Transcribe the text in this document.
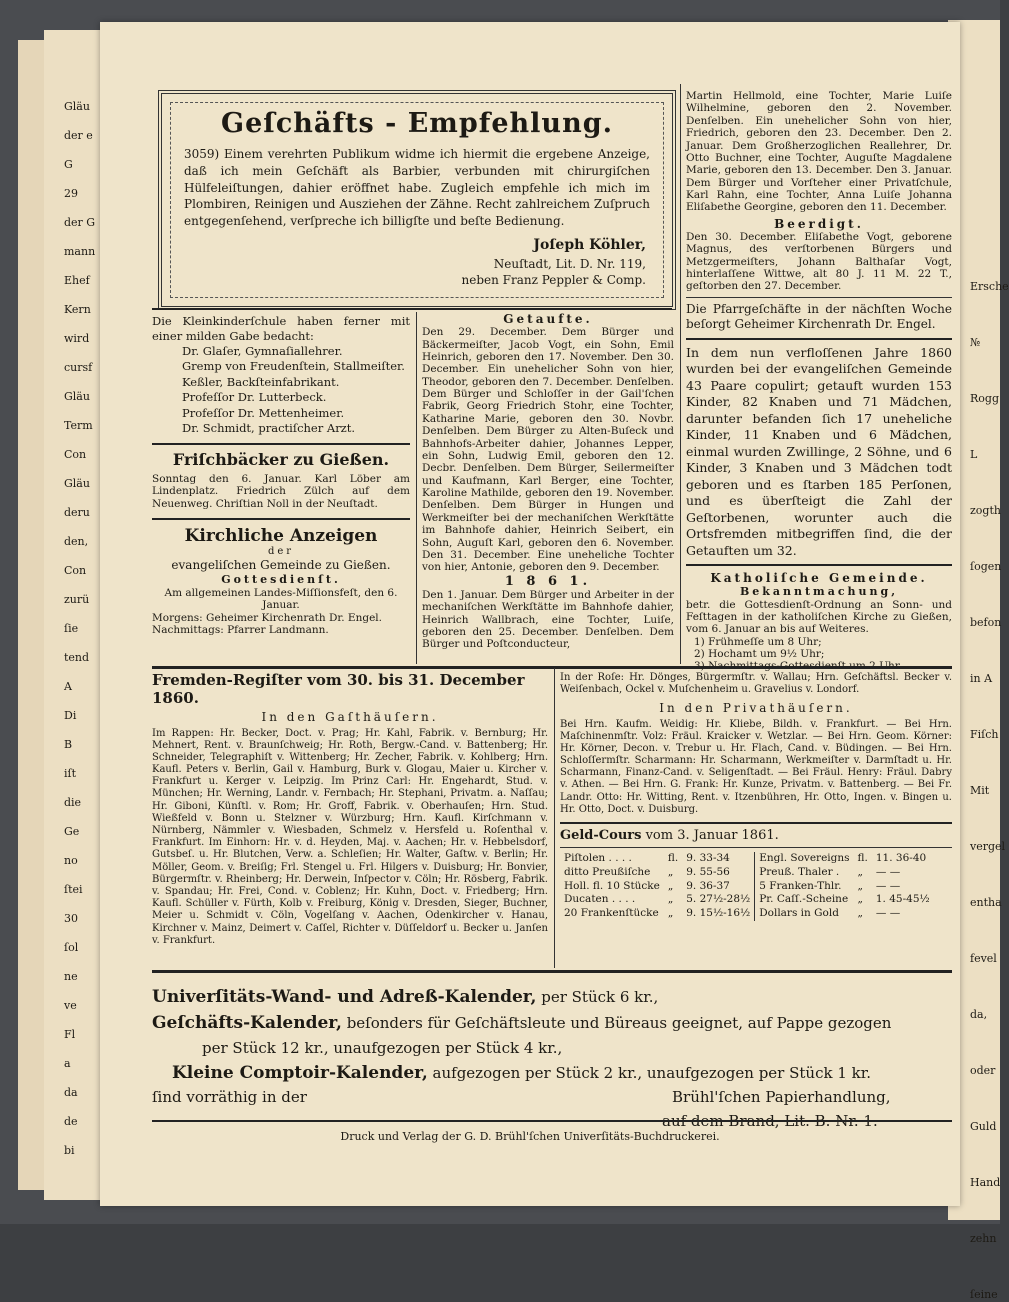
Gläu
der e
G
29
der G
mann
Ehef
Kern
wird
cursf
Gläu
Term
Con
Gläu
deru
den,
Con
zurü
ſie
tend
A
Di
B
iſt
die
Ge
no
ſtei
30
ſol
ne
ve
Fl
a
da
de
bi
Ersche
№
Rogg
L
zogth
ſogen
befon
in A
Fiſch
Mit
vergel
entha
fevel
da,
oder
Guld
Hand
zehn
ſeine
Geſchäfts - Empfehlung.
3059) Einem verehrten Publikum widme ich hiermit die ergebene Anzeige, daß ich mein Geſchäft als Barbier, verbunden mit chirurgiſchen Hülfeleiſtungen, dahier eröffnet habe. Zugleich empfehle ich mich im Plombiren, Reinigen und Ausziehen der Zähne. Recht zahlreichem Zuſpruch entgegenſehend, verſpreche ich billigſte und beſte Bedienung.
Joſeph Köhler,
Neuſtadt, Lit. D. Nr. 119,
neben Franz Peppler & Comp.

Die Kleinkinderſchule haben ferner mit einer milden Gabe bedacht:

Dr. Glaſer, Gymnaſiallehrer.
Gremp von Freudenſtein, Stallmeiſter.
Keßler, Backſteinfabrikant.
Profeſſor Dr. Lutterbeck.
Profeſſor Dr. Mettenheimer.
Dr. Schmidt, practiſcher Arzt.
Friſchbäcker zu Gießen.

Sonntag den 6. Januar. Karl Löber am Lindenplatz. Friedrich Zülch auf dem Neuenweg. Chriſtian Noll in der Neuſtadt.

Kirchliche Anzeigen
der
evangeliſchen Gemeinde zu Gießen.
Gottesdienſt.

Am allgemeinen Landes-Miſſionsfeſt, den 6. Januar.

Morgens: Geheimer Kirchenrath Dr. Engel.

Nachmittags: Pfarrer Landmann.

Getaufte.

Den 29. December. Dem Bürger und Bäckermeiſter, Jacob Vogt, ein Sohn, Emil Heinrich, geboren den 17. November. Den 30. December. Ein unehelicher Sohn von hier, Theodor, geboren den 7. December. Denſelben. Dem Bürger und Schloſſer in der Gail'ſchen Fabrik, Georg Friedrich Stohr, eine Tochter, Katharine Marie, geboren den 30. Novbr. Denſelben. Dem Bürger zu Alten-Buſeck und Bahnhofs-Arbeiter dahier, Johannes Lepper, ein Sohn, Ludwig Emil, geboren den 12. Decbr. Denſelben. Dem Bürger, Seilermeiſter und Kaufmann, Karl Berger, eine Tochter, Karoline Mathilde, geboren den 19. November. Denſelben. Dem Bürger in Hungen und Werkmeiſter bei der mechaniſchen Werkſtätte im Bahnhofe dahier, Heinrich Seibert, ein Sohn, Auguſt Karl, geboren den 6. November. Den 31. December. Eine uneheliche Tochter von hier, Antonie, geboren den 9. December.

1 8 6 1.

Den 1. Januar. Dem Bürger und Arbeiter in der mechaniſchen Werkſtätte im Bahnhofe dahier, Heinrich Wallbrach, eine Tochter, Luiſe, geboren den 25. December. Denſelben. Dem Bürger und Poſtconducteur,

Martin Hellmold, eine Tochter, Marie Luiſe Wilhelmine, geboren den 2. November. Denſelben. Ein unehelicher Sohn von hier, Friedrich, geboren den 23. December. Den 2. Januar. Dem Großherzoglichen Reallehrer, Dr. Otto Buchner, eine Tochter, Auguſte Magdalene Marie, geboren den 13. December. Den 3. Januar. Dem Bürger und Vorſteher einer Privatſchule, Karl Rahn, eine Tochter, Anna Luiſe Johanna Eliſabethe Georgine, geboren den 11. December.

Beerdigt.

Den 30. December. Eliſabethe Vogt, geborene Magnus, des verſtorbenen Bürgers und Metzgermeiſters, Johann Balthaſar Vogt, hinterlaſſene Wittwe, alt 80 J. 11 M. 22 T., geſtorben den 27. December.

Die Pfarrgeſchäfte in der nächſten Woche beſorgt Geheimer Kirchenrath Dr. Engel.

In dem nun verfloſſenen Jahre 1860 wurden bei der evangeliſchen Gemeinde 43 Paare copulirt; getauft wurden 153 Kinder, 82 Knaben und 71 Mädchen, darunter befanden ſich 17 uneheliche Kinder, 11 Knaben und 6 Mädchen, einmal wurden Zwillinge, 2 Söhne, und 6 Kinder, 3 Knaben und 3 Mädchen todt geboren und es ſtarben 185 Perſonen, und es überſteigt die Zahl der Geſtorbenen, worunter auch die Ortsfremden mitbegriffen ſind, die der Getauften um 32.

Katholiſche Gemeinde.
Bekanntmachung,

betr. die Gottesdienſt-Ordnung an Sonn- und Feſttagen in der katholiſchen Kirche zu Gießen, vom 6. Januar an bis auf Weiteres.

1) Frühmeſſe um 8 Uhr;

2) Hochamt um 9½ Uhr;

3) Nachmittags-Gottesdienſt um 2 Uhr.

Fremden-Regiſter vom 30. bis 31. December 1860.
In den Gaſthäuſern.

Im Rappen: Hr. Becker, Doct. v. Prag; Hr. Kahl, Fabrik. v. Bernburg; Hr. Mehnert, Rent. v. Braunſchweig; Hr. Roth, Bergw.-Cand. v. Battenberg; Hr. Schneider, Telegraphiſt v. Wittenberg; Hr. Zecher, Fabrik. v. Kohlberg; Hrn. Kaufl. Peters v. Berlin, Gail v. Hamburg, Burk v. Glogau, Maier u. Kircher v. Frankfurt u. Kerger v. Leipzig. Im Prinz Carl: Hr. Engehardt, Stud. v. München; Hr. Werning, Landr. v. Fernbach; Hr. Stephani, Privatm. a. Naſſau; Hr. Giboni, Künſtl. v. Rom; Hr. Groff, Fabrik. v. Oberhauſen; Hrn. Stud. Wießfeld v. Bonn u. Stelzner v. Würzburg; Hrn. Kaufl. Kirſchmann v. Nürnberg, Nämmler v. Wiesbaden, Schmelz v. Hersfeld u. Roſenthal v. Frankfurt. Im Einhorn: Hr. v. d. Heyden, Maj. v. Aachen; Hr. v. Hebbelsdorf, Gutsbeſ. u. Hr. Blutchen, Verw. a. Schleſien; Hr. Walter, Gaſtw. v. Berlin; Hr. Möller, Geom. v. Breiſig; Frl. Stengel u. Frl. Hilgers v. Duisburg; Hr. Bonvier, Bürgermſtr. v. Rheinberg; Hr. Derwein, Inſpector v. Cöln; Hr. Rösberg, Fabrik. v. Spandau; Hr. Frei, Cond. v. Coblenz; Hr. Kuhn, Doct. v. Friedberg; Hrn. Kaufl. Schüller v. Fürth, Kolb v. Freiburg, König v. Dresden, Sieger, Buchner, Meier u. Schmidt v. Cöln, Vogelſang v. Aachen, Odenkircher v. Hanau, Kirchner v. Mainz, Deimert v. Caſſel, Richter v. Düſſeldorf u. Becker u. Janſen v. Frankfurt.

In der Roſe: Hr. Dönges, Bürgermſtr. v. Wallau; Hrn. Geſchäftsl. Becker v. Weiſenbach, Ockel v. Muſchenheim u. Gravelius v. Londorf.

In den Privathäuſern.

Bei Hrn. Kaufm. Weidig: Hr. Kliebe, Bildh. v. Frankfurt. — Bei Hrn. Maſchinenmſtr. Volz: Fräul. Kraicker v. Wetzlar. — Bei Hrn. Geom. Körner: Hr. Körner, Decon. v. Trebur u. Hr. Flach, Cand. v. Büdingen. — Bei Hrn. Schloſſermſtr. Scharmann: Hr. Scharmann, Werkmeiſter v. Darmſtadt u. Hr. Scharmann, Finanz-Cand. v. Seligenſtadt. — Bei Fräul. Henry: Fräul. Dabry v. Athen. — Bei Hrn. G. Frank: Hr. Kunze, Privatm. v. Battenberg. — Bei Fr. Landr. Otto: Hr. Witting, Rent. v. Itzenbühren, Hr. Otto, Ingen. v. Bingen u. Hr. Otto, Doct. v. Duisburg.

Geld-Cours vom 3. Januar 1861.
Piſtolen . . . .	fl.	9. 33-34	Engl. Sovereigns	fl.	11. 36-40
ditto Preußiſche	„	9. 55-56	Preuß. Thaler .	„	— —
Holl. fl. 10 Stücke	„	9. 36-37	5 Franken-Thlr.	„	— —
Ducaten . . . .	„	5. 27½-28½	Pr. Caſſ.-Scheine	„	1. 45-45½
20 Frankenſtücke	„	9. 15½-16½	Dollars in Gold	„	— —
Univerſitäts-Wand- und Adreß-Kalender, per Stück 6 kr.,
Geſchäfts-Kalender, beſonders für Geſchäftsleute und Büreaus geeignet, auf Pappe gezogen
per Stück 12 kr., unaufgezogen per Stück 4 kr.,
Kleine Comptoir-Kalender, aufgezogen per Stück 2 kr., unaufgezogen per Stück 1 kr.
ſind vorräthig in der	Brühl'ſchen Papierhandlung,
auf dem Brand, Lit. B. Nr. 1.
Druck und Verlag der G. D. Brühl'ſchen Univerſitäts-Buchdruckerei.
